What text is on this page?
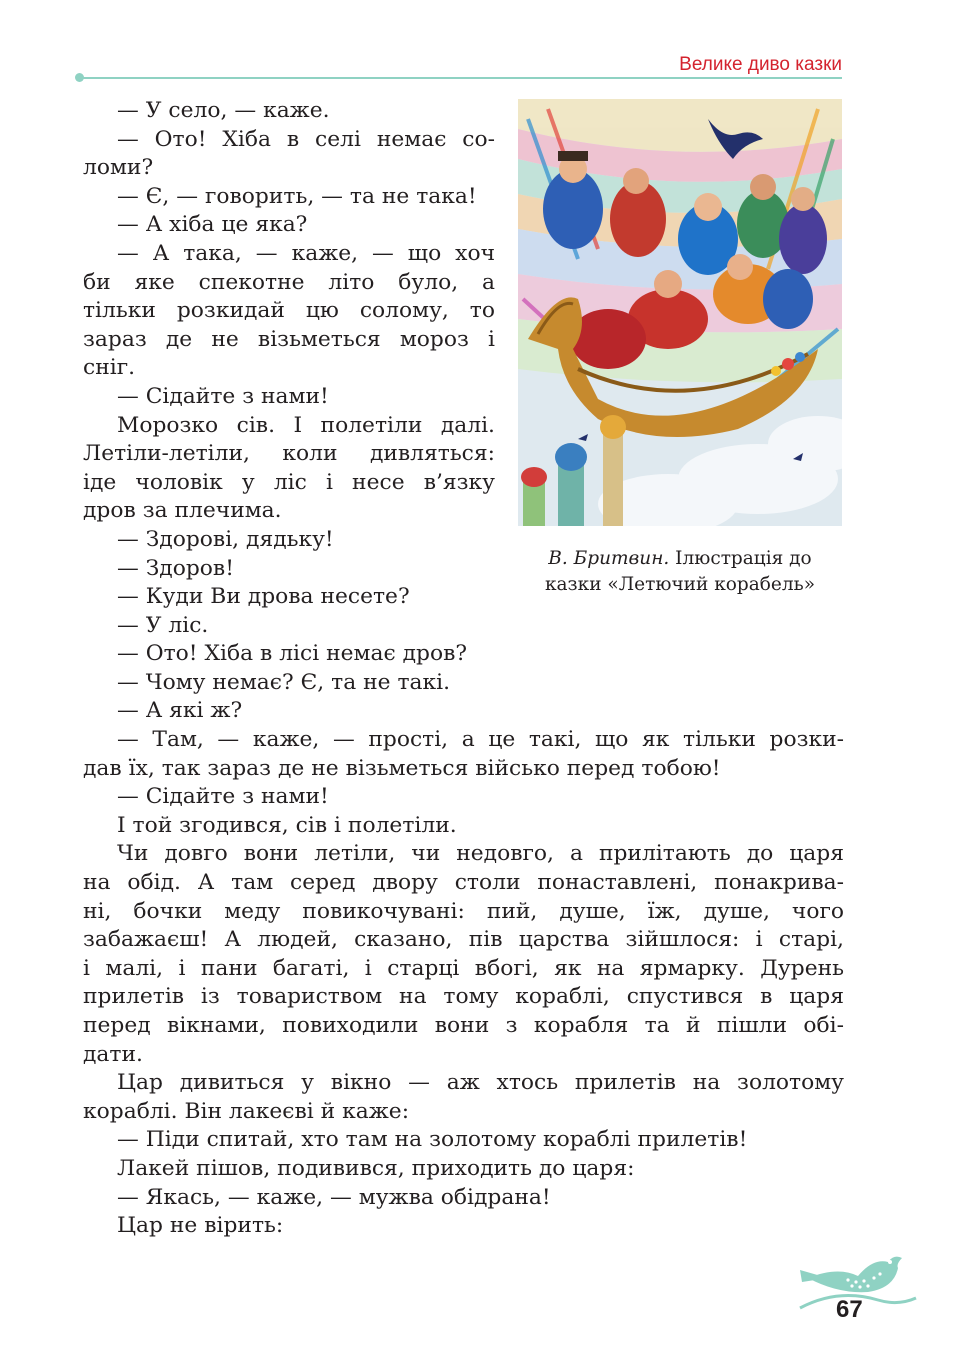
Велике диво казки

— У село, — каже.

— Ото! Хіба в селі немає со-

ломи?

— Є, — говорить, — та не така!

— А хіба це яка?

— А така, — каже, — що хоч

би яке спекотне літо було, а

тільки розкидай цю солому, то

зараз де не візьметься мороз і

сніг.

— Сідайте з нами!

Морозко сів. І полетіли далі.

Летіли-летіли, коли дивляться:

іде чоловік у ліс і несе в’язку

дров за плечима.

— Здорові, дядьку!

— Здоров!

— Куди Ви дрова несете?

— У ліс.

— Ото! Хіба в лісі немає дров?

— Чому немає? Є, та не такі.

— А які ж?

— Там, — каже, — прості, а це такі, що як тільки розки-

дав їх, так зараз де не візьметься військо перед тобою!

— Сідайте з нами!

І той згодився, сів і полетіли.

Чи довго вони летіли, чи недовго, а прилітають до царя

на обід. А там серед двору столи понаставлені, понакрива-

ні, бочки меду повикочувані: пий, душе, їж, душе, чого

забажаєш! А людей, сказано, пів царства зійшлося: і старі,

і малі, і пани багаті, і старці вбогі, як на ярмарку. Дурень

прилетів із товариством на тому кораблі, спустився в царя

перед вікнами, повиходили вони з корабля та й пішли обі-

дати.

Цар дивиться у вікно — аж хтось прилетів на золотому

кораблі. Він лакеєві й каже:

— Піди спитай, хто там на золотому кораблі прилетів!

Лакей пішов, подивився, приходить до царя:

— Якась, — каже, — мужва обідрана!

Цар не вірить:

В. Бритвин. Ілюстрація до казки «Летючий корабель»
67
